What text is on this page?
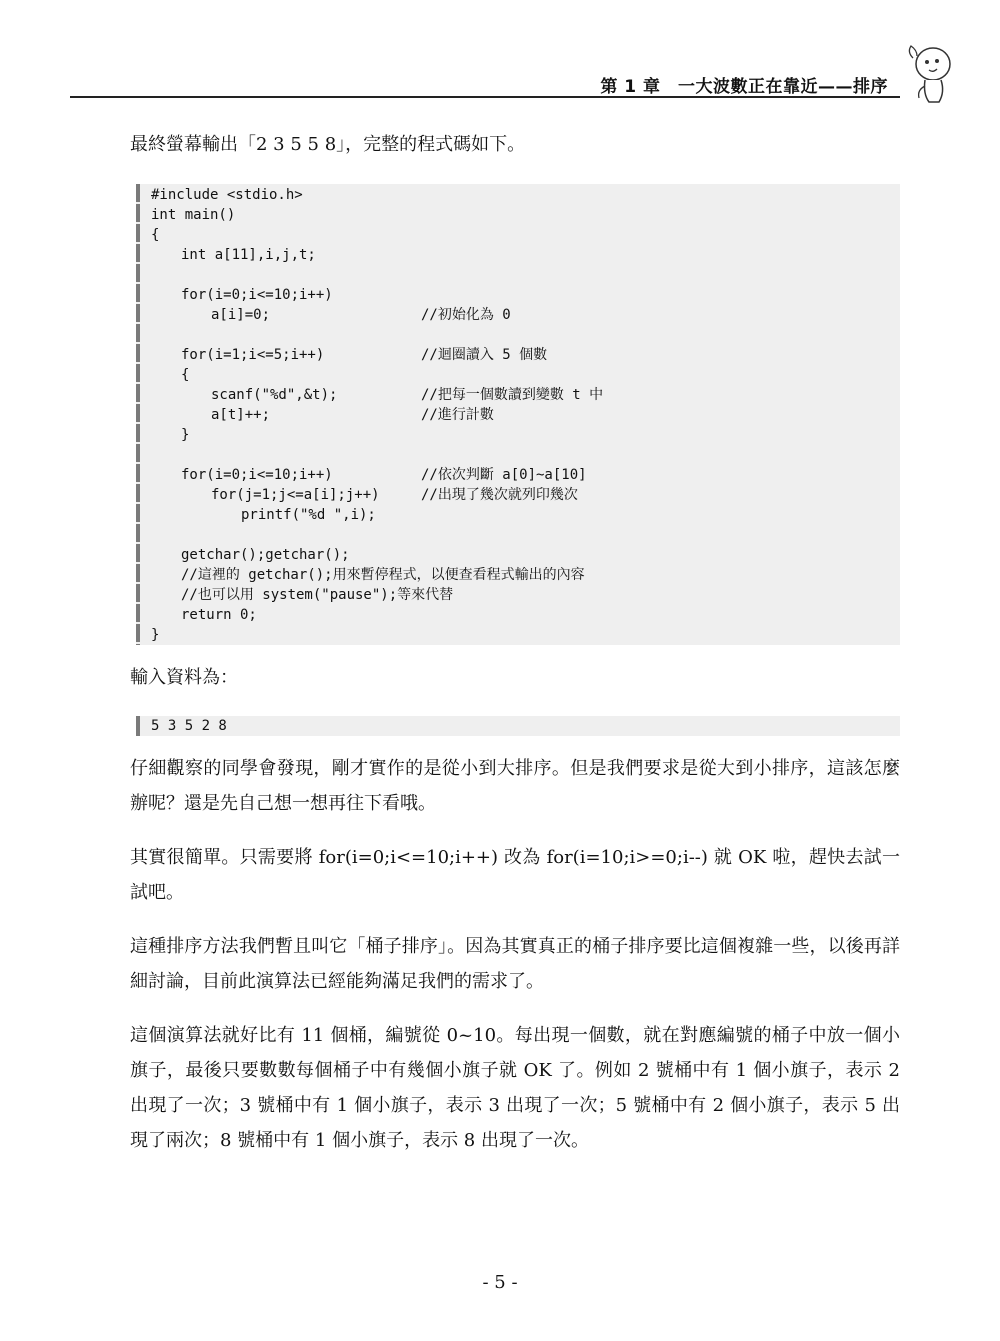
第 1 章　一大波數正在靠近——排序

最終螢幕輸出「2 3 5 5 8」，完整的程式碼如下。

#include <stdio.h>
int main()
{
int a[11],i,j,t;
for(i=0;i<=10;i++)
a[i]=0;	//初始化為 0
for(i=1;i<=5;i++)	//迴圈讀入 5 個數
{
scanf("%d",&t);	//把每一個數讀到變數 t 中
a[t]++;	//進行計數
}
for(i=0;i<=10;i++)	//依次判斷 a[0]~a[10]
for(j=1;j<=a[i];j++)	//出現了幾次就列印幾次
printf("%d ",i);
getchar();getchar();
//這裡的 getchar();用來暫停程式，以便查看程式輸出的內容
//也可以用 system("pause");等來代替
return 0;
}

輸入資料為：

5 3 5 2 8

仔細觀察的同學會發現，剛才實作的是從小到大排序。但是我們要求是從大到小排序，這該怎麼辦呢？還是先自己想一想再往下看哦。

其實很簡單。只需要將 for(i=0;i<=10;i++) 改為 for(i=10;i>=0;i--) 就 OK 啦，趕快去試一試吧。

這種排序方法我們暫且叫它「桶子排序」。因為其實真正的桶子排序要比這個複雜一些，以後再詳細討論，目前此演算法已經能夠滿足我們的需求了。

這個演算法就好比有 11 個桶，編號從 0~10。每出現一個數，就在對應編號的桶子中放一個小旗子，最後只要數數每個桶子中有幾個小旗子就 OK 了。例如 2 號桶中有 1 個小旗子，表示 2 出現了一次；3 號桶中有 1 個小旗子，表示 3 出現了一次；5 號桶中有 2 個小旗子，表示 5 出現了兩次；8 號桶中有 1 個小旗子，表示 8 出現了一次。

- 5 -
